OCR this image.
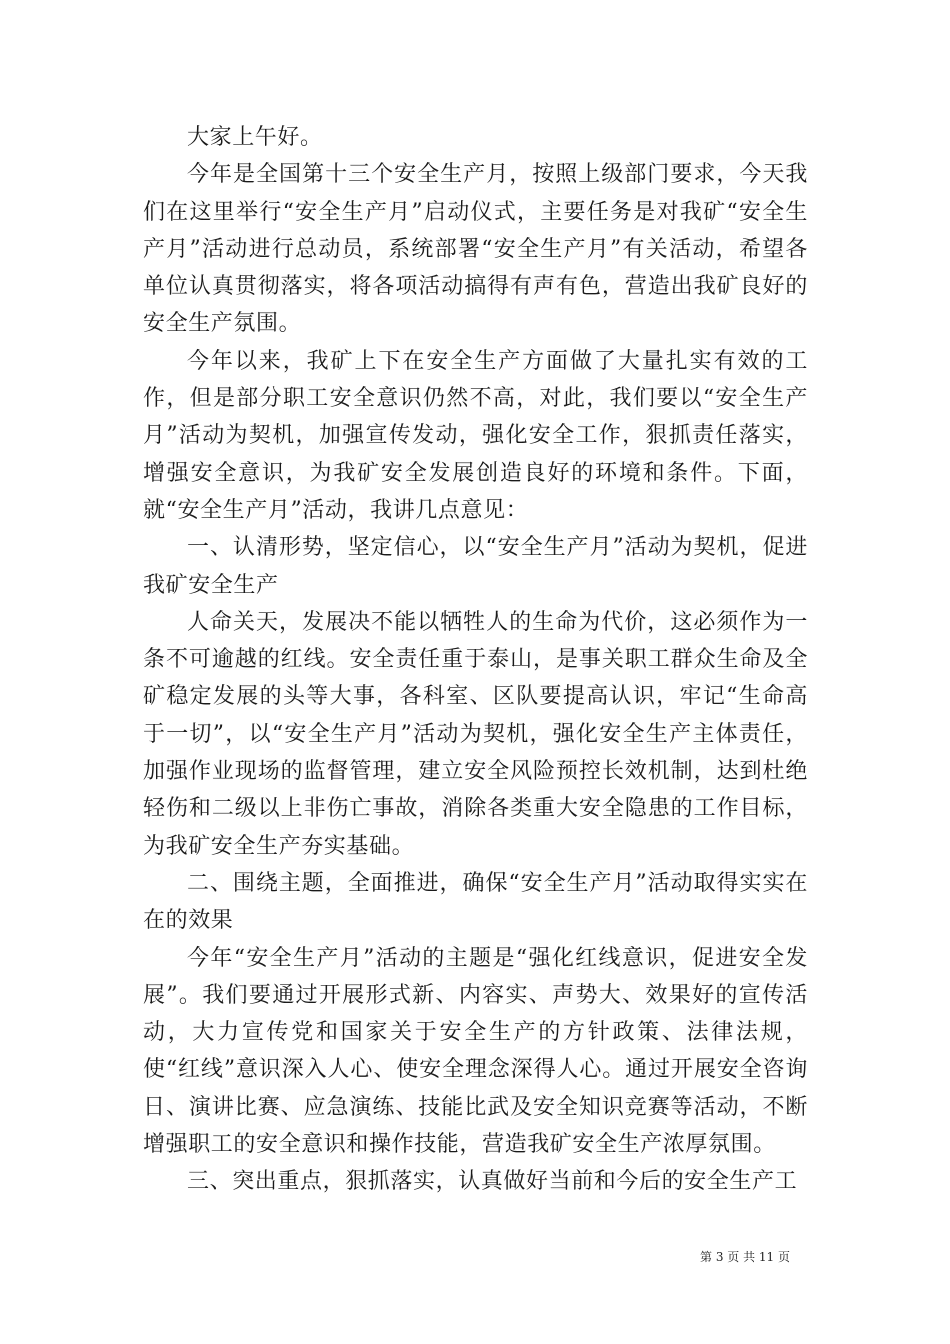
大家上午好。

今年是全国第十三个安全生产月，按照上级部门要求，今天我们在这里举行“安全生产月”启动仪式，主要任务是对我矿“安全生产月”活动进行总动员，系统部署“安全生产月”有关活动，希望各单位认真贯彻落实，将各项活动搞得有声有色，营造出我矿良好的安全生产氛围。

今年以来，我矿上下在安全生产方面做了大量扎实有效的工作，但是部分职工安全意识仍然不高，对此，我们要以“安全生产月”活动为契机，加强宣传发动，强化安全工作，狠抓责任落实，增强安全意识，为我矿安全发展创造良好的环境和条件。下面，就“安全生产月”活动，我讲几点意见：

一、认清形势，坚定信心，以“安全生产月”活动为契机，促进我矿安全生产

人命关天，发展决不能以牺牲人的生命为代价，这必须作为一条不可逾越的红线。安全责任重于泰山，是事关职工群众生命及全矿稳定发展的头等大事，各科室、区队要提高认识，牢记“生命高于一切”，以“安全生产月”活动为契机，强化安全生产主体责任，加强作业现场的监督管理，建立安全风险预控长效机制，达到杜绝轻伤和二级以上非伤亡事故，消除各类重大安全隐患的工作目标，为我矿安全生产夯实基础。

二、围绕主题，全面推进，确保“安全生产月”活动取得实实在在的效果

今年“安全生产月”活动的主题是“强化红线意识，促进安全发展”。我们要通过开展形式新、内容实、声势大、效果好的宣传活动，大力宣传党和国家关于安全生产的方针政策、法律法规，使“红线”意识深入人心、使安全理念深得人心。通过开展安全咨询日、演讲比赛、应急演练、技能比武及安全知识竞赛等活动，不断增强职工的安全意识和操作技能，营造我矿安全生产浓厚氛围。

三、突出重点，狠抓落实，认真做好当前和今后的安全生产工

第 3 页 共 11 页
